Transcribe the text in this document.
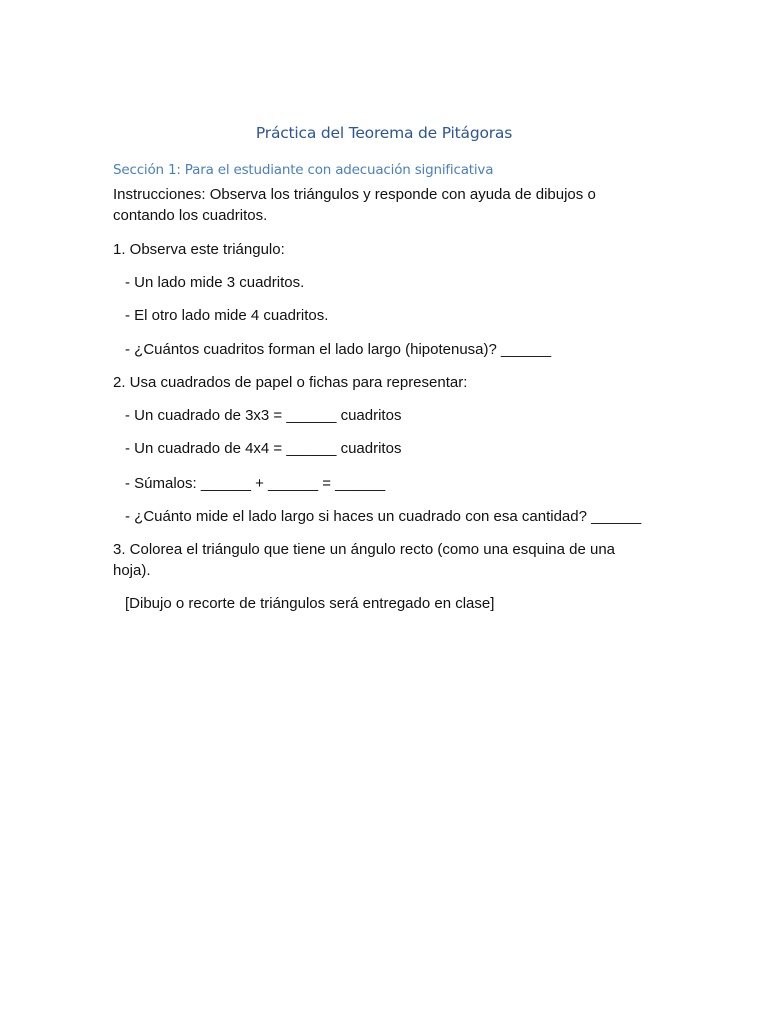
Práctica del Teorema de Pitágoras
Sección 1: Para el estudiante con adecuación significativa
Instrucciones: Observa los triángulos y responde con ayuda de dibujos o contando los cuadritos.
1. Observa este triángulo:
- Un lado mide 3 cuadritos.
- El otro lado mide 4 cuadritos.
- ¿Cuántos cuadritos forman el lado largo (hipotenusa)? ______
2. Usa cuadrados de papel o fichas para representar:
- Un cuadrado de 3x3 = ______ cuadritos
- Un cuadrado de 4x4 = ______ cuadritos
- Súmalos: ______ + ______ = ______
- ¿Cuánto mide el lado largo si haces un cuadrado con esa cantidad? ______
3. Colorea el triángulo que tiene un ángulo recto (como una esquina de una hoja).
[Dibujo o recorte de triángulos será entregado en clase]
